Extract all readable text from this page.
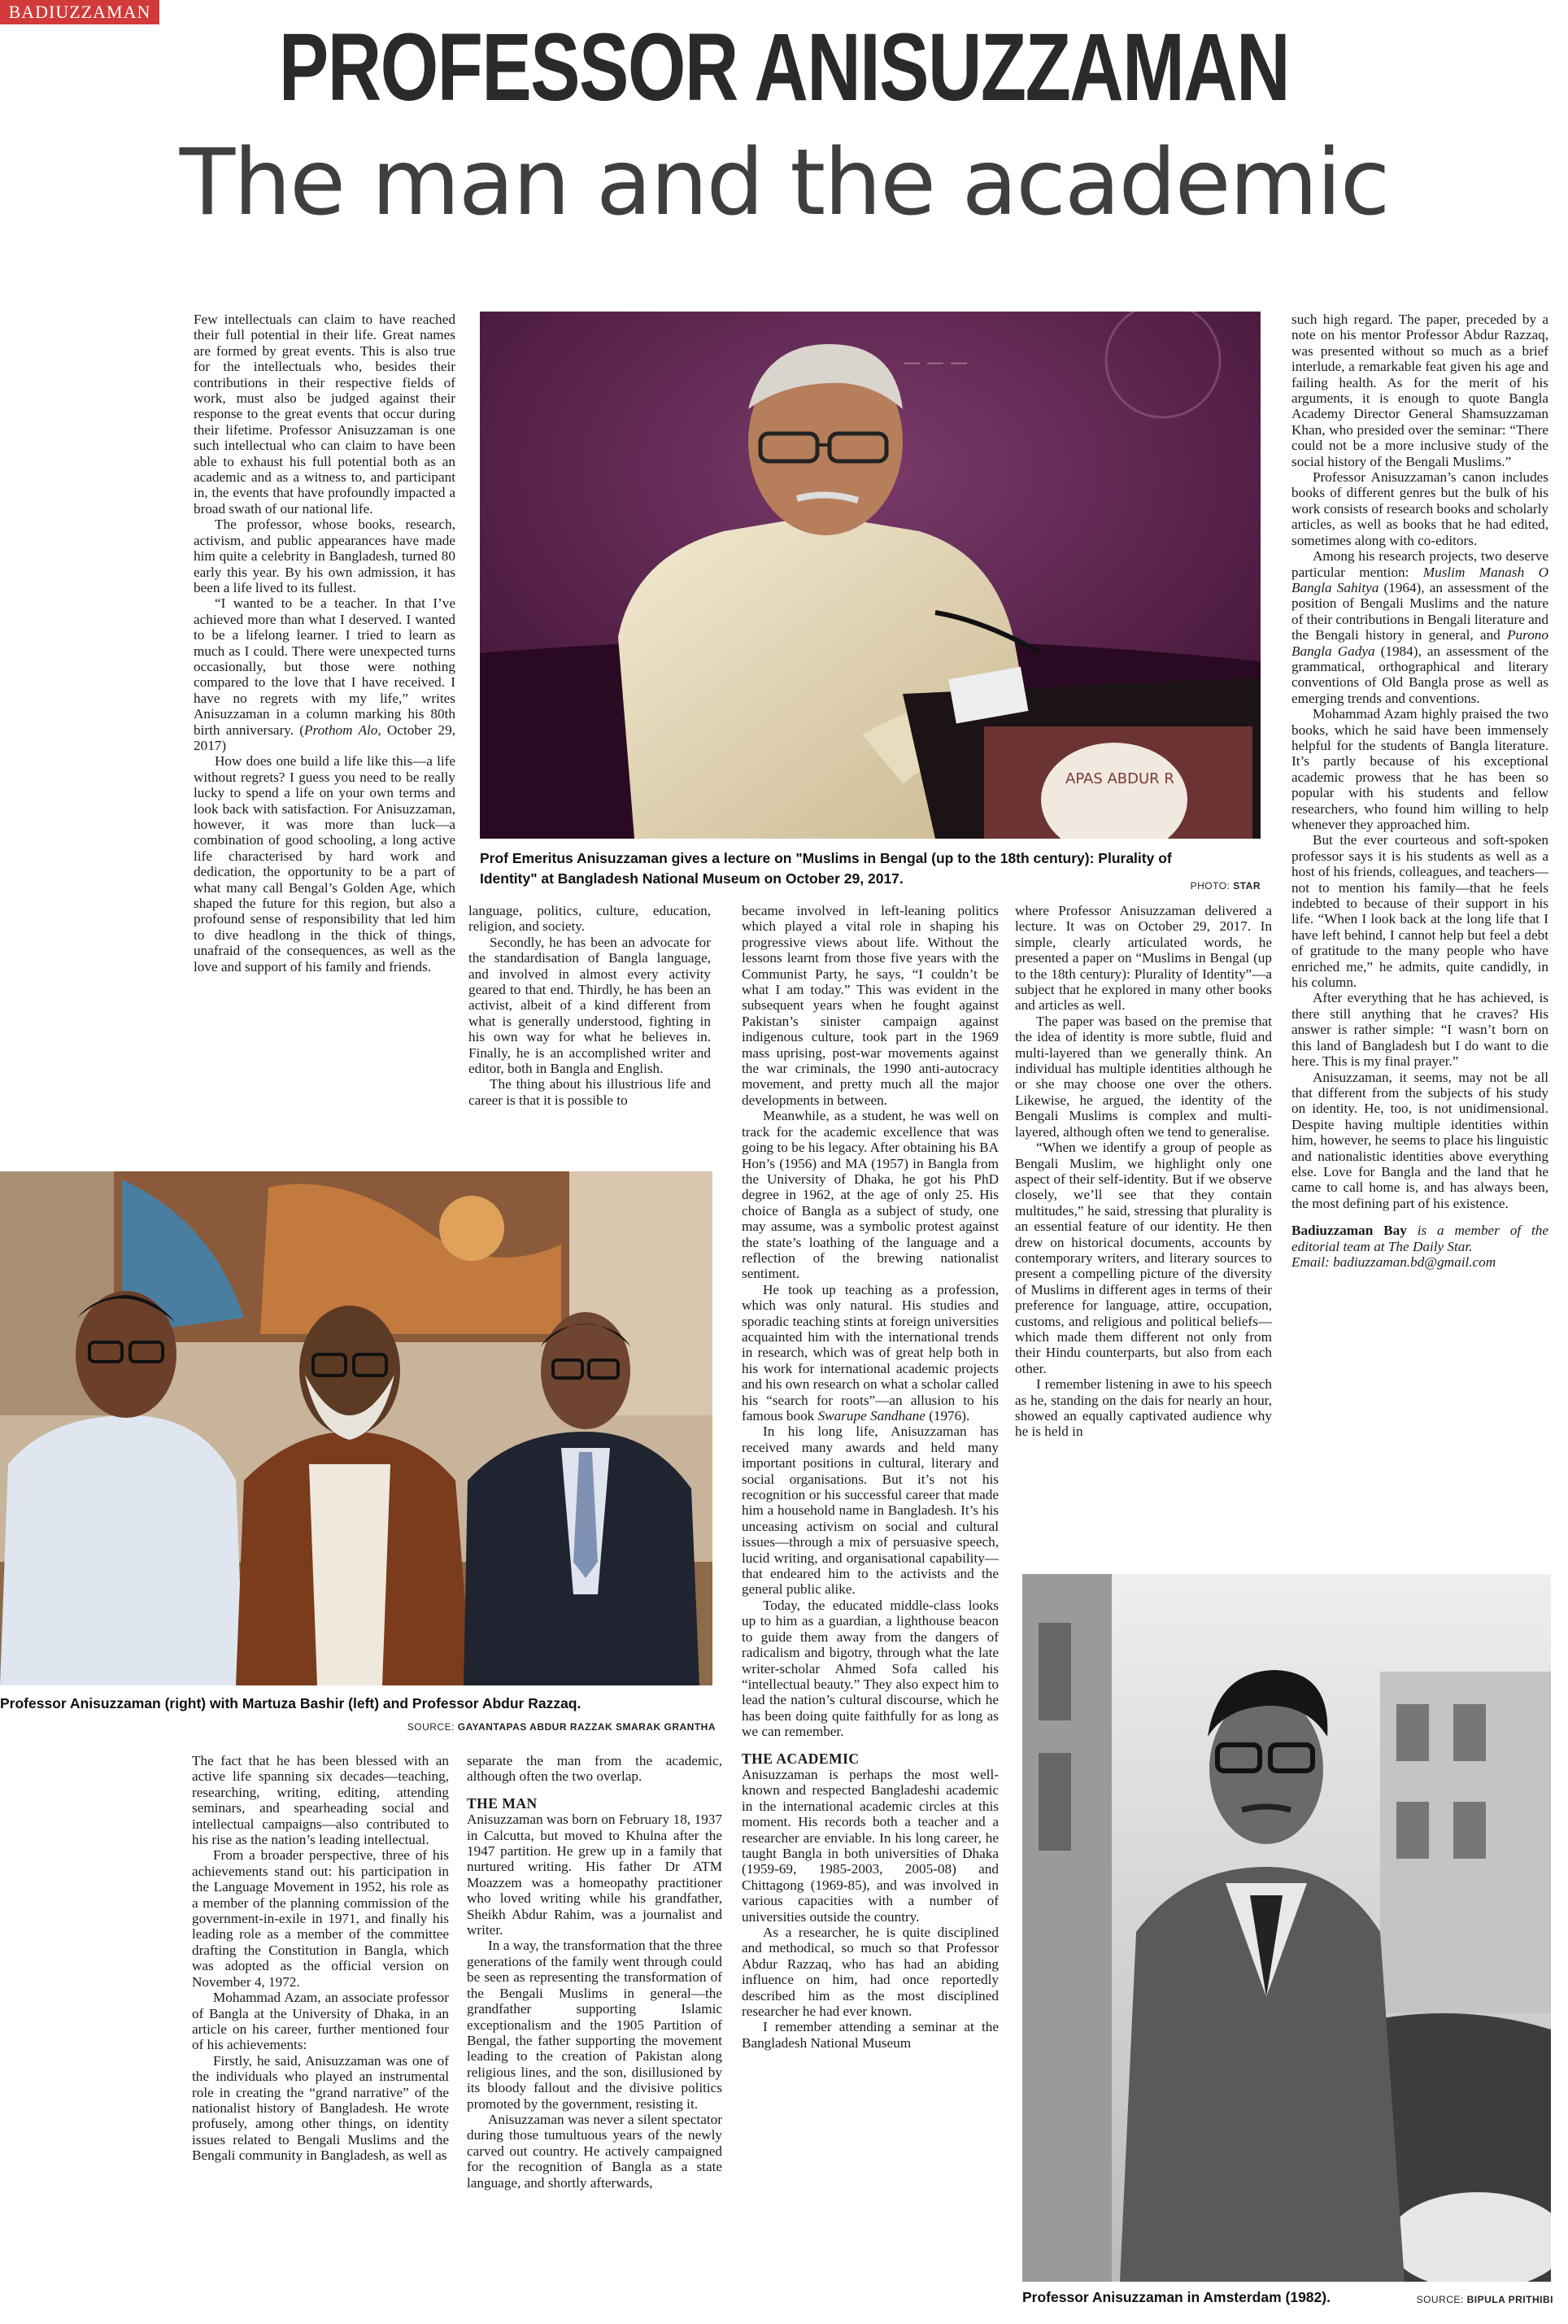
PROFESSOR ANISUZZAMAN
The man and the academic
BADIUZZAMAN BAY

Few intellectuals can claim to have reached their full potential in their life. Great names are formed by great events. This is also true for the intellectuals who, besides their contributions in their respective fields of work, must also be judged against their response to the great events that occur during their lifetime. Professor Anisuzzaman is one such intellectual who can claim to have been able to exhaust his full potential both as an academic and as a witness to, and participant in, the events that have profoundly impacted a broad swath of our national life.

The professor, whose books, research, activism, and public appearances have made him quite a celebrity in Bangladesh, turned 80 early this year. By his own admission, it has been a life lived to its fullest.

“I wanted to be a teacher. In that I’ve achieved more than what I deserved. I wanted to be a lifelong learner. I tried to learn as much as I could. There were unexpected turns occasionally, but those were nothing compared to the love that I have received. I have no regrets with my life,” writes Anisuzzaman in a column marking his 80th birth anniversary. (Prothom Alo, October 29, 2017)

How does one build a life like this—a life without regrets? I guess you need to be really lucky to spend a life on your own terms and look back with satisfaction. For Anisuzzaman, however, it was more than luck—a combination of good schooling, a long active life characterised by hard work and dedication, the opportunity to be a part of what many call Bengal’s Golden Age, which shaped the future for this region, but also a profound sense of responsibility that led him to dive headlong in the thick of things, unafraid of the consequences, as well as the love and support of his family and friends.

— — —
APAS ABDUR R
Prof Emeritus Anisuzzaman gives a lecture on "Muslims in Bengal (up to the 18th century): Plurality of Identity" at Bangladesh National Museum on October 29, 2017.	PHOTO: STAR

language, politics, culture, education, religion, and society.

Secondly, he has been an advocate for the standardisation of Bangla language, and involved in almost every activity geared to that end. Thirdly, he has been an activist, albeit of a kind different from what is generally understood, fighting in his own way for what he believes in. Finally, he is an accomplished writer and editor, both in Bangla and English.

The thing about his illustrious life and career is that it is possible to

became involved in left-leaning politics which played a vital role in shaping his progressive views about life. Without the lessons learnt from those five years with the Communist Party, he says, “I couldn’t be what I am today.” This was evident in the subsequent years when he fought against Pakistan’s sinister campaign against indigenous culture, took part in the 1969 mass uprising, post-war movements against the war criminals, the 1990 anti-autocracy movement, and pretty much all the major developments in between.

Meanwhile, as a student, he was well on track for the academic excellence that was going to be his legacy. After obtaining his BA Hon’s (1956) and MA (1957) in Bangla from the University of Dhaka, he got his PhD degree in 1962, at the age of only 25. His choice of Bangla as a subject of study, one may assume, was a symbolic protest against the state’s loathing of the language and a reflection of the brewing nationalist sentiment.

He took up teaching as a profession, which was only natural. His studies and sporadic teaching stints at foreign universities acquainted him with the international trends in research, which was of great help both in his work for international academic projects and his own research on what a scholar called his “search for roots”—an allusion to his famous book Swarupe Sandhane (1976).

In his long life, Anisuzzaman has received many awards and held many important positions in cultural, literary and social organisations. But it’s not his recognition or his successful career that made him a household name in Bangladesh. It’s his unceasing activism on social and cultural issues—through a mix of persuasive speech, lucid writing, and organisational capability—that endeared him to the activists and the general public alike.

Today, the educated middle-class looks up to him as a guardian, a lighthouse beacon to guide them away from the dangers of radicalism and bigotry, through what the late writer-scholar Ahmed Sofa called his “intellectual beauty.” They also expect him to lead the nation’s cultural discourse, which he has been doing quite faithfully for as long as we can remember.

THE ACADEMIC

Anisuzzaman is perhaps the most well-known and respected Bangladeshi academic in the international academic circles at this moment. His records both a teacher and a researcher are enviable. In his long career, he taught Bangla in both universities of Dhaka (1959-69, 1985-2003, 2005-08) and Chittagong (1969-85), and was involved in various capacities with a number of universities outside the country.

As a researcher, he is quite disciplined and methodical, so much so that Professor Abdur Razzaq, who has had an abiding influence on him, had once reportedly described him as the most disciplined researcher he had ever known.

I remember attending a seminar at the Bangladesh National Museum

where Professor Anisuzzaman delivered a lecture. It was on October 29, 2017. In simple, clearly articulated words, he presented a paper on “Muslims in Bengal (up to the 18th century): Plurality of Identity”—a subject that he explored in many other books and articles as well.

The paper was based on the premise that the idea of identity is more subtle, fluid and multi-layered than we generally think. An individual has multiple identities although he or she may choose one over the others. Likewise, he argued, the identity of the Bengali Muslims is complex and multi-layered, although often we tend to generalise.

“When we identify a group of people as Bengali Muslim, we highlight only one aspect of their self-identity. But if we observe closely, we’ll see that they contain multitudes,” he said, stressing that plurality is an essential feature of our identity. He then drew on historical documents, accounts by contemporary writers, and literary sources to present a compelling picture of the diversity of Muslims in different ages in terms of their preference for language, attire, occupation, customs, and religious and political beliefs—which made them different not only from their Hindu counterparts, but also from each other.

I remember listening in awe to his speech as he, standing on the dais for nearly an hour, showed an equally captivated audience why he is held in

such high regard. The paper, preceded by a note on his mentor Professor Abdur Razzaq, was presented without so much as a brief interlude, a remarkable feat given his age and failing health. As for the merit of his arguments, it is enough to quote Bangla Academy Director General Shamsuzzaman Khan, who presided over the seminar: “There could not be a more inclusive study of the social history of the Bengali Muslims.”

Professor Anisuzzaman’s canon includes books of different genres but the bulk of his work consists of research books and scholarly articles, as well as books that he had edited, sometimes along with co-editors.

Among his research projects, two deserve particular mention: Muslim Manash O Bangla Sahitya (1964), an assessment of the position of Bengali Muslims and the nature of their contributions in Bengali literature and the Bengali history in general, and Purono Bangla Gadya (1984), an assessment of the grammatical, orthographical and literary conventions of Old Bangla prose as well as emerging trends and conventions.

Mohammad Azam highly praised the two books, which he said have been immensely helpful for the students of Bangla literature. It’s partly because of his exceptional academic prowess that he has been so popular with his students and fellow researchers, who found him willing to help whenever they approached him.

But the ever courteous and soft-spoken professor says it is his students as well as a host of his friends, colleagues, and teachers—not to mention his family—that he feels indebted to because of their support in his life. “When I look back at the long life that I have left behind, I cannot help but feel a debt of gratitude to the many people who have enriched me,” he admits, quite candidly, in his column.

After everything that he has achieved, is there still anything that he craves? His answer is rather simple: “I wasn’t born on this land of Bangladesh but I do want to die here. This is my final prayer.”

Anisuzzaman, it seems, may not be all that different from the subjects of his study on identity. He, too, is not unidimensional. Despite having multiple identities within him, however, he seems to place his linguistic and nationalistic identities above everything else. Love for Bangla and the land that he came to call home is, and has always been, the most defining part of his existence.

Badiuzzaman Bay is a member of the editorial team at The Daily Star.
Email: badiuzzaman.bd@gmail.com

Professor Anisuzzaman (right) with Martuza Bashir (left) and Professor Abdur Razzaq.
SOURCE: GAYANTAPAS ABDUR RAZZAK SMARAK GRANTHA

The fact that he has been blessed with an active life spanning six decades—teaching, researching, writing, editing, attending seminars, and spearheading social and intellectual campaigns—also contributed to his rise as the nation’s leading intellectual.

From a broader perspective, three of his achievements stand out: his participation in the Language Movement in 1952, his role as a member of the planning commission of the government-in-exile in 1971, and finally his leading role as a member of the committee drafting the Constitution in Bangla, which was adopted as the official version on November 4, 1972.

Mohammad Azam, an associate professor of Bangla at the University of Dhaka, in an article on his career, further mentioned four of his achievements:

Firstly, he said, Anisuzzaman was one of the individuals who played an instrumental role in creating the “grand narrative” of the nationalist history of Bangladesh. He wrote profusely, among other things, on identity issues related to Bengali Muslims and the Bengali community in Bangladesh, as well as

separate the man from the academic, although often the two overlap.

THE MAN

Anisuzzaman was born on February 18, 1937 in Calcutta, but moved to Khulna after the 1947 partition. He grew up in a family that nurtured writing. His father Dr ATM Moazzem was a homeopathy practitioner who loved writing while his grandfather, Sheikh Abdur Rahim, was a journalist and writer.

In a way, the transformation that the three generations of the family went through could be seen as representing the transformation of the Bengali Muslims in general—the grandfather supporting Islamic exceptionalism and the 1905 Partition of Bengal, the father supporting the movement leading to the creation of Pakistan along religious lines, and the son, disillusioned by its bloody fallout and the divisive politics promoted by the government, resisting it.

Anisuzzaman was never a silent spectator during those tumultuous years of the newly carved out country. He actively campaigned for the recognition of Bangla as a state language, and shortly afterwards,

Professor Anisuzzaman in Amsterdam (1982).	SOURCE: BIPULA PRITHIBI
